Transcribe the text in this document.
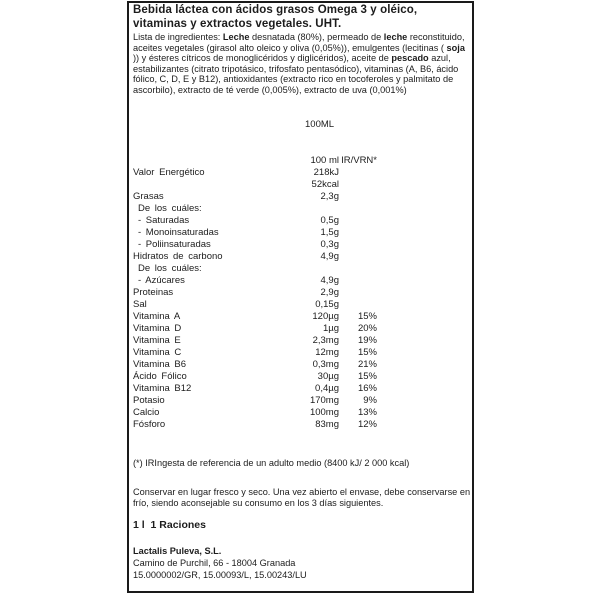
Bebida láctea con ácidos grasos Omega 3 y oléico, vitaminas y extractos vegetales. UHT.
Lista de ingredientes: Leche desnatada (80%), permeado de leche reconstituido, aceites vegetales (girasol alto oleico y oliva (0,05%)), emulgentes (lecitinas ( soja )) y ésteres cítricos de monoglicéridos y diglicéridos), aceite de pescado azul, estabilizantes (citrato tripotásico, trifosfato pentasódico), vitaminas (A, B6, ácido fólico, C, D, E y B12), antioxidantes (extracto rico en tocoferoles y palmitato de ascorbilo), extracto de té verde (0,005%), extracto de uva (0,001%)
100ML
100 ml IR/VRN*
Valor Energético	218kJ
52kcal
Grasas	2,3g
De los cuáles:
- Saturadas	0,5g
- Monoinsaturadas	1,5g
- Poliinsaturadas	0,3g
Hidratos de carbono	4,9g
De los cuáles:
- Azúcares	4,9g
Proteinas	2,9g
Sal	0,15g
Vitamina A	120µg	15%
Vitamina D	1µg	20%
Vitamina E	2,3mg	19%
Vitamina C	12mg	15%
Vitamina B6	0,3mg	21%
Ácido Fólico	30µg	15%
Vitamina B12	0,4µg	16%
Potasio	170mg	9%
Calcio	100mg	13%
Fósforo	83mg	12%
(*) IRIngesta de referencia de un adulto medio (8400 kJ/ 2 000 kcal)
Conservar en lugar fresco y seco. Una vez abierto el envase, debe conservarse en frío, siendo aconsejable su consumo en los 3 días siguientes.
1 l  1 Raciones
Lactalis Puleva, S.L.
Camino de Purchil, 66 - 18004 Granada
15.0000002/GR, 15.00093/L, 15.00243/LU
